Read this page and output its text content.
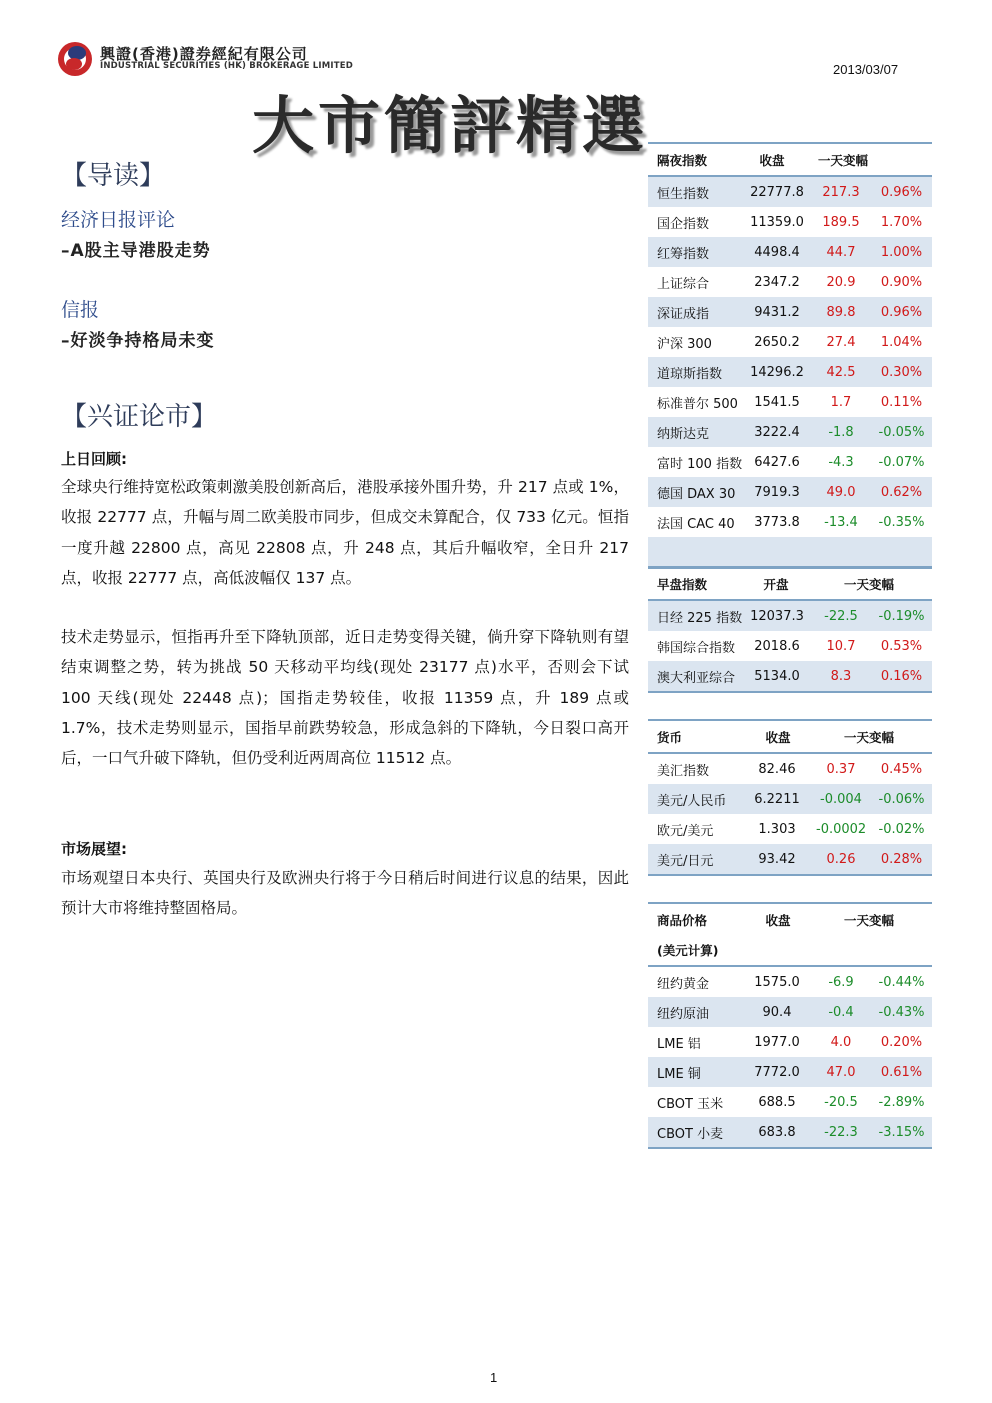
興證(香港)證券經紀有限公司
INDUSTRIAL SECURITIES (HK) BROKERAGE LIMITED	2013/03/07
大市簡評精選
【导读】
经济日报评论
–A股主导港股走势
信报
–好淡争持格局未变
【兴证论市】
上日回顾:
全球央行维持宽松政策刺激美股创新高后，港股承接外围升势，升 217 点或 1%，收报 22777 点，升幅与周二欧美股市同步，但成交未算配合，仅 733 亿元。恒指一度升越 22800 点，高见 22808 点，升 248 点，其后升幅收窄，全日升 217 点，收报 22777 点，高低波幅仅 137 点。
技术走势显示，恒指再升至下降轨顶部，近日走势变得关键，倘升穿下降轨则有望结束调整之势，转为挑战 50 天移动平均线(现处 23177 点)水平，否则会下试 100 天线(现处 22448 点)；国指走势较佳，收报 11359 点，升 189 点或 1.7%，技术走势则显示，国指早前跌势较急，形成急斜的下降轨，今日裂口高开后，一口气升破下降轨，但仍受利近两周高位 11512 点。
市场展望:
市场观望日本央行、英国央行及欧洲央行将于今日稍后时间进行议息的结果，因此预计大市将维持整固格局。
隔夜指数	收盘	一天变幅
恒生指数	22777.8	217.3	0.96%
国企指数	11359.0	189.5	1.70%
红筹指数	4498.4	44.7	1.00%
上证综合	2347.2	20.9	0.90%
深证成指	9431.2	89.8	0.96%
沪深 300	2650.2	27.4	1.04%
道琼斯指数 14296.2	42.5	0.30%
标准普尔 500	1541.5	1.7	0.11%
纳斯达克	3222.4	-1.8	-0.05%
富时 100 指数 6427.6	-4.3	-0.07%
德国 DAX 30	7919.3	49.0	0.62%
法国 CAC 40	3773.8	-13.4	-0.35%
早盘指数	开盘	一天变幅
日经 225 指数 12037.3	-22.5	-0.19%
韩国综合指数	2018.6	10.7	0.53%
澳大利亚综合	5134.0	8.3	0.16%
货币	收盘	一天变幅
美汇指数	82.46	0.37	0.45%
美元/人民币	6.2211	-0.004	-0.06%
欧元/美元	1.303	-0.0002 -0.02%
美元/日元	93.42	0.26	0.28%
商品价格	收盘	一天变幅
(美元计算)
纽约黄金	1575.0	-6.9	-0.44%
纽约原油	90.4	-0.4	-0.43%
LME 铝	1977.0	4.0	0.20%
LME 铜	7772.0	47.0	0.61%
CBOT 玉米	688.5	-20.5	-2.89%
CBOT 小麦	683.8	-22.3	-3.15%
1
